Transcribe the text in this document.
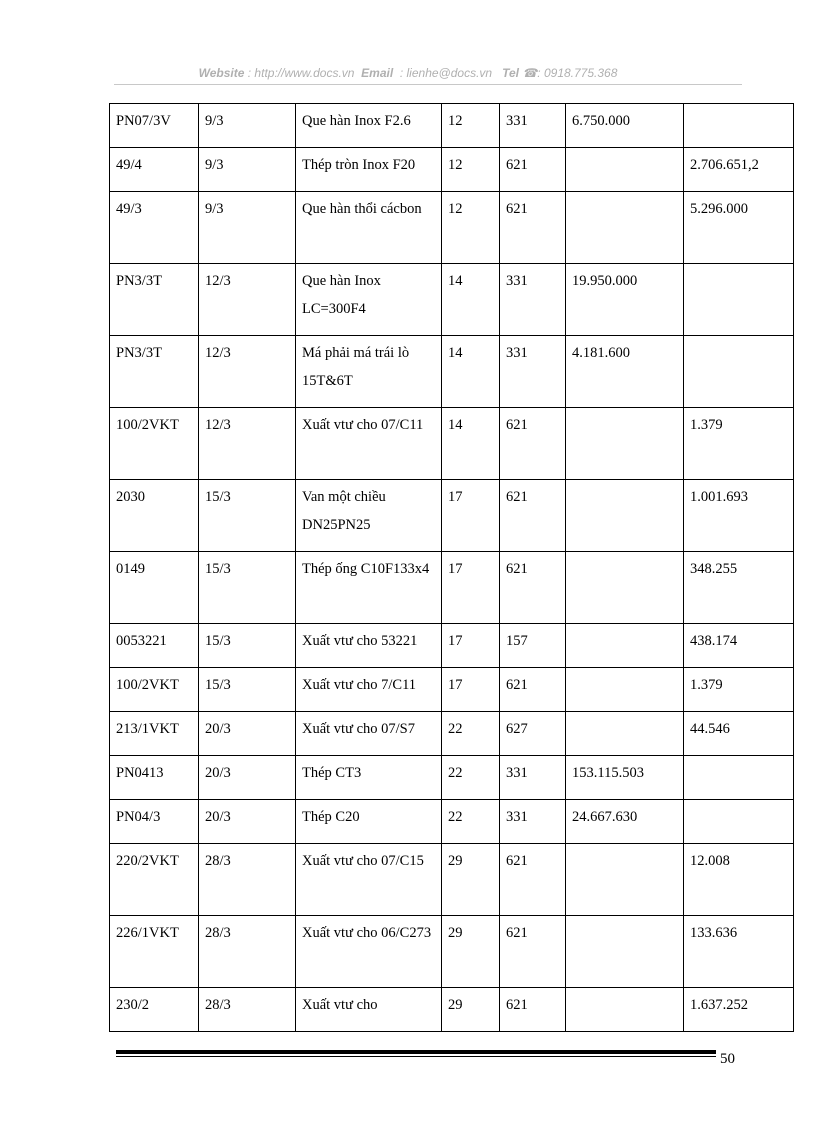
Website : http://www.docs.vn Email : lienhe@docs.vn Tel ☎: 0918.775.368
PN07/3V	9/3	Que hàn Inox F2.6	12	331	6.750.000	

49/4	9/3	Thép tròn Inox F20	12	621		2.706.651,2

49/3	9/3	Que hàn thổi cácbon	12	621		5.296.000

PN3/3T	12/3	Que hàn Inox LC=300F4	14	331	19.950.000	

PN3/3T	12/3	Má phải má trái lò 15T&6T	14	331	4.181.600	

100/2VKT	12/3	Xuất vtư cho 07/C11	14	621		1.379

2030	15/3	Van một chiều DN25PN25	17	621		1.001.693

0149	15/3	Thép ống C10F133x4	17	621		348.255

0053221	15/3	Xuất vtư cho 53221	17	157		438.174

100/2VKT	15/3	Xuất vtư cho 7/C11	17	621		1.379

213/1VKT	20/3	Xuất vtư cho 07/S7	22	627		44.546

PN0413	20/3	Thép CT3	22	331	153.115.503	

PN04/3	20/3	Thép C20	22	331	24.667.630	

220/2VKT	28/3	Xuất vtư cho 07/C15	29	621		12.008

226/1VKT	28/3	Xuất vtư cho 06/C273	29	621		133.636

230/2	28/3	Xuất vtư cho	29	621		1.637.252
50
